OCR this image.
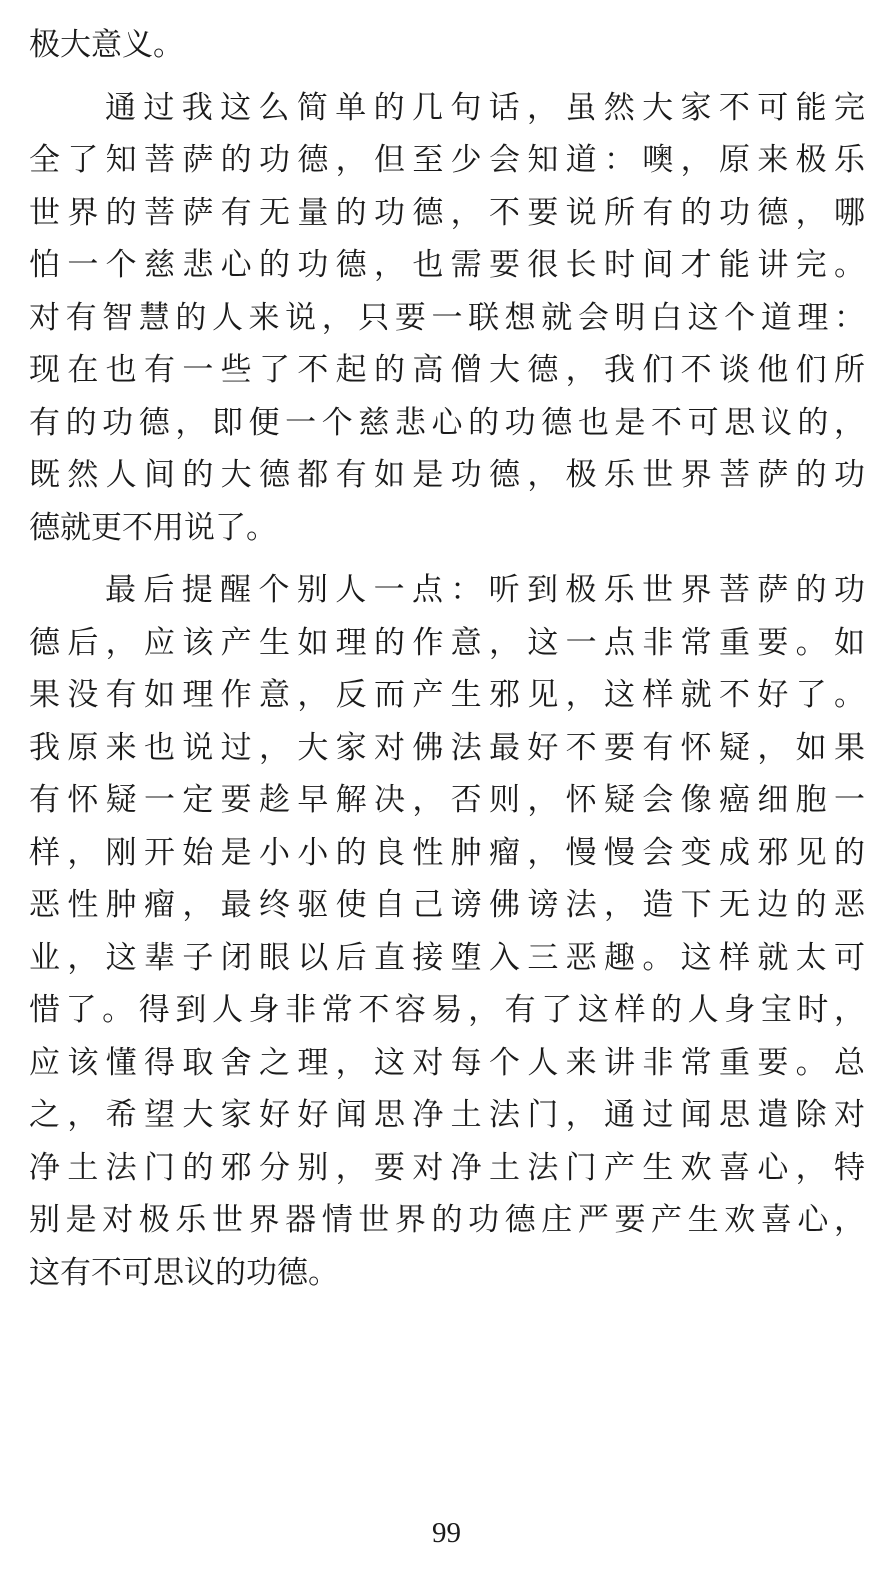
极大意义。
通过我这么简单的几句话，虽然大家不可能完
全了知菩萨的功德，但至少会知道：噢，原来极乐
世界的菩萨有无量的功德，不要说所有的功德，哪
怕一个慈悲心的功德，也需要很长时间才能讲完。
对有智慧的人来说，只要一联想就会明白这个道理：
现在也有一些了不起的高僧大德，我们不谈他们所
有的功德，即便一个慈悲心的功德也是不可思议的，
既然人间的大德都有如是功德，极乐世界菩萨的功
德就更不用说了。
最后提醒个别人一点：听到极乐世界菩萨的功
德后，应该产生如理的作意，这一点非常重要。如
果没有如理作意，反而产生邪见，这样就不好了。
我原来也说过，大家对佛法最好不要有怀疑，如果
有怀疑一定要趁早解决，否则，怀疑会像癌细胞一
样，刚开始是小小的良性肿瘤，慢慢会变成邪见的
恶性肿瘤，最终驱使自己谤佛谤法，造下无边的恶
业，这辈子闭眼以后直接堕入三恶趣。这样就太可
惜了。得到人身非常不容易，有了这样的人身宝时，
应该懂得取舍之理，这对每个人来讲非常重要。总
之，希望大家好好闻思净土法门，通过闻思遣除对
净土法门的邪分别，要对净土法门产生欢喜心，特
别是对极乐世界器情世界的功德庄严要产生欢喜心，
这有不可思议的功德。
99
